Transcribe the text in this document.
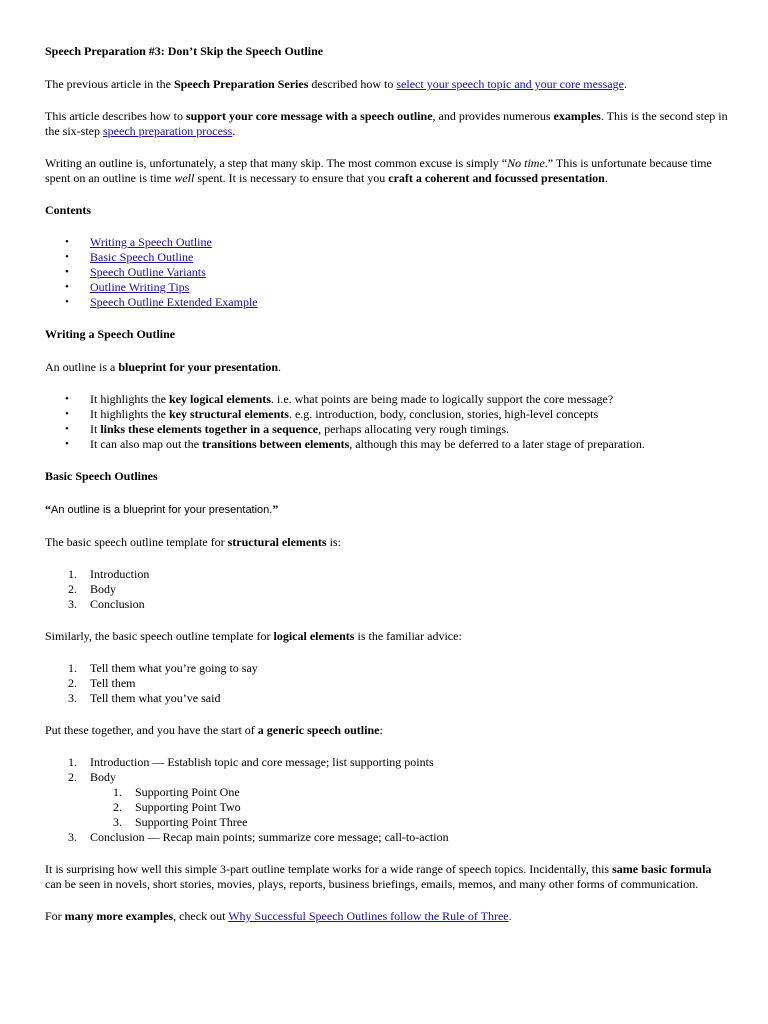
Speech Preparation #3: Don’t Skip the Speech Outline

The previous article in the Speech Preparation Series described how to select your speech topic and your core message.

This article describes how to support your core message with a speech outline, and provides numerous examples. This is the second step in the six-step speech preparation process.

Writing an outline is, unfortunately, a step that many skip. The most common excuse is simply “No time.” This is unfortunate because time spent on an outline is time well spent. It is necessary to ensure that you craft a coherent and focussed presentation.

Contents

• Writing a Speech Outline
• Basic Speech Outline
• Speech Outline Variants
• Outline Writing Tips
• Speech Outline Extended Example

Writing a Speech Outline

An outline is a blueprint for your presentation.

• It highlights the key logical elements. i.e. what points are being made to logically support the core message?
• It highlights the key structural elements. e.g. introduction, body, conclusion, stories, high-level concepts
• It links these elements together in a sequence, perhaps allocating very rough timings.
• It can also map out the transitions between elements, although this may be deferred to a later stage of preparation.

Basic Speech Outlines

“An outline is a blueprint for your presentation.”

The basic speech outline template for structural elements is:

1. Introduction
2. Body
3. Conclusion

Similarly, the basic speech outline template for logical elements is the familiar advice:

1. Tell them what you’re going to say
2. Tell them
3. Tell them what you’ve said

Put these together, and you have the start of a generic speech outline:

1. Introduction — Establish topic and core message; list supporting points
2. Body
1. Supporting Point One
2. Supporting Point Two
3. Supporting Point Three
3. Conclusion — Recap main points; summarize core message; call-to-action

It is surprising how well this simple 3-part outline template works for a wide range of speech topics. Incidentally, this same basic formula can be seen in novels, short stories, movies, plays, reports, business briefings, emails, memos, and many other forms of communication.

For many more examples, check out Why Successful Speech Outlines follow the Rule of Three.
